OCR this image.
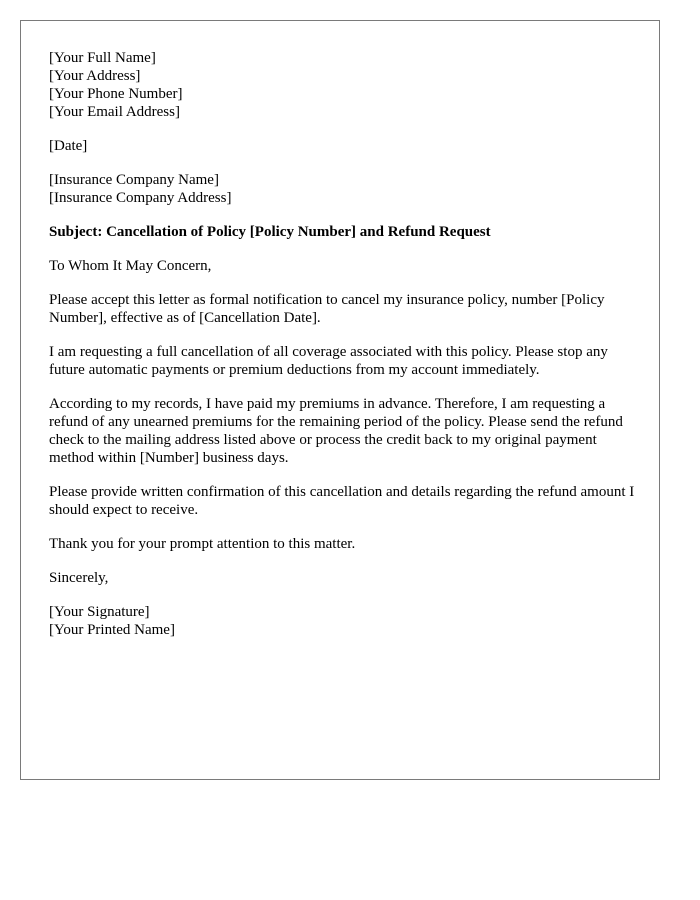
[Your Full Name]
[Your Address]
[Your Phone Number]
[Your Email Address]
[Date]
[Insurance Company Name]
[Insurance Company Address]
Subject: Cancellation of Policy [Policy Number] and Refund Request

To Whom It May Concern,

Please accept this letter as formal notification to cancel my insurance policy, number [Policy Number], effective as of [Cancellation Date].

I am requesting a full cancellation of all coverage associated with this policy. Please stop any future automatic payments or premium deductions from my account immediately.

According to my records, I have paid my premiums in advance. Therefore, I am requesting a refund of any unearned premiums for the remaining period of the policy. Please send the refund check to the mailing address listed above or process the credit back to my original payment method within [Number] business days.

Please provide written confirmation of this cancellation and details regarding the refund amount I should expect to receive.

Thank you for your prompt attention to this matter.

Sincerely,

[Your Signature]
[Your Printed Name]
